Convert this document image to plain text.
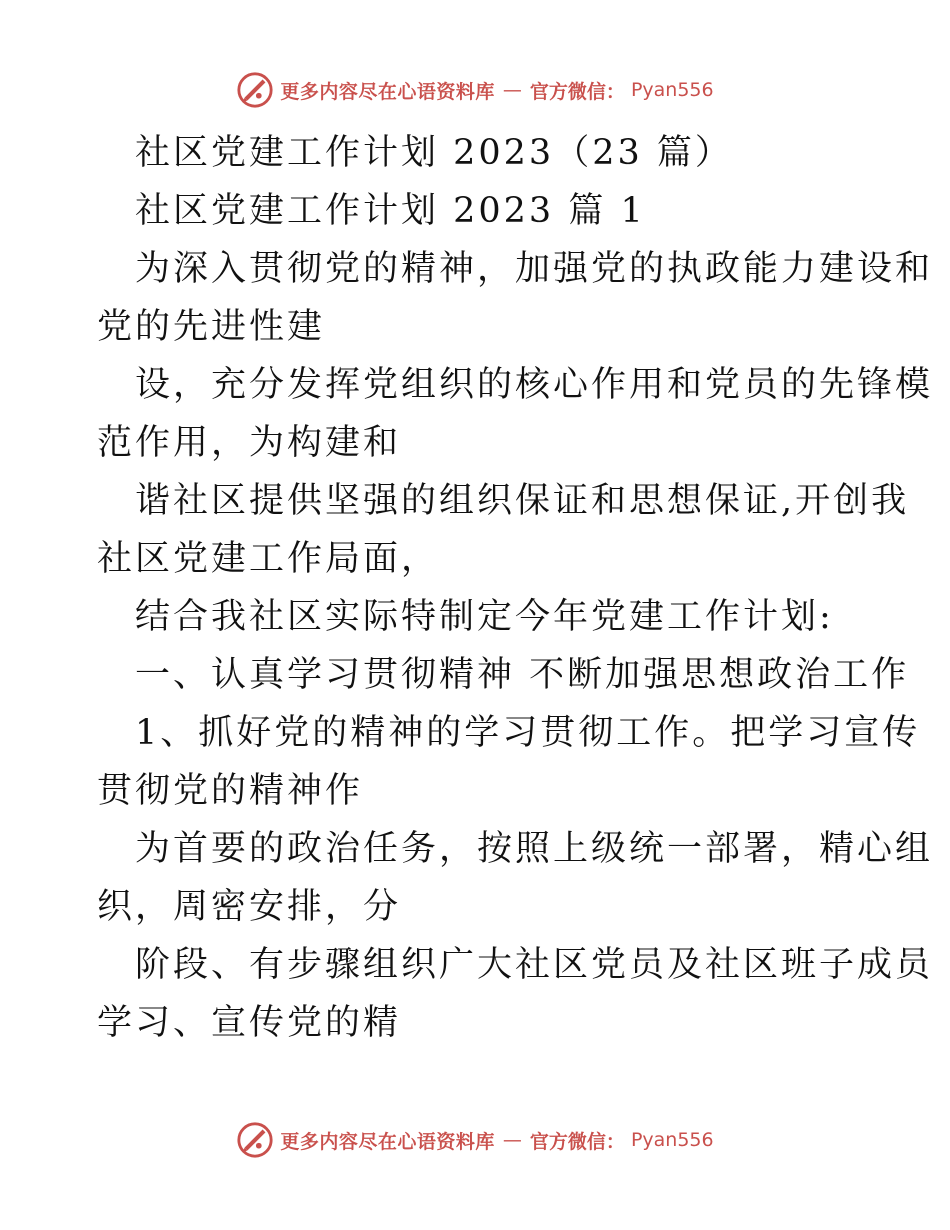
更多内容尽在心语资料库 — 官方微信： Pyan556
社区党建工作计划 2023（23 篇）
社区党建工作计划 2023 篇 1
为深入贯彻党的精神，加强党的执政能力建设和
党的先进性建
设，充分发挥党组织的核心作用和党员的先锋模
范作用，为构建和
谐社区提供坚强的组织保证和思想保证,开创我
社区党建工作局面，
结合我社区实际特制定今年党建工作计划:
一、认真学习贯彻精神 不断加强思想政治工作
1、抓好党的精神的学习贯彻工作。把学习宣传
贯彻党的精神作
为首要的政治任务，按照上级统一部署，精心组
织，周密安排，分
阶段、有步骤组织广大社区党员及社区班子成员
学习、宣传党的精
更多内容尽在心语资料库 — 官方微信： Pyan556
